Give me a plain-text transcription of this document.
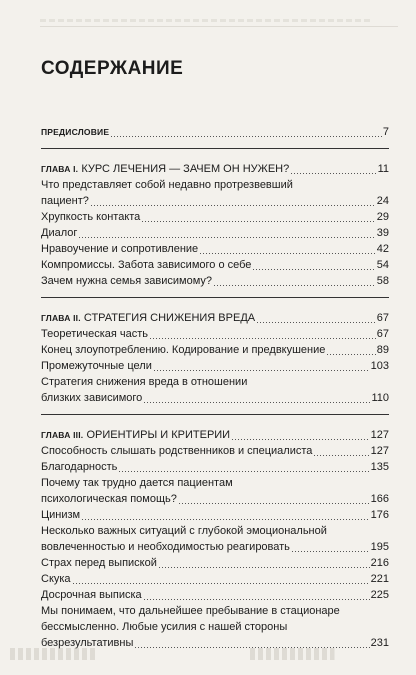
СОДЕРЖАНИЕ
ПРЕДИСЛОВИЕ	7
ГЛАВА I. КУРС ЛЕЧЕНИЯ — ЗАЧЕМ ОН НУЖЕН?	11
Что представляет собой недавно протрезвевший
пациент?	24
Хрупкость контакта	29
Диалог	39
Нравоучение и сопротивление	42
Компромиссы. Забота зависимого о себе	54
Зачем нужна семья зависимому?	58
ГЛАВА II. СТРАТЕГИЯ СНИЖЕНИЯ ВРЕДА	67
Теоретическая часть	67
Конец злоупотреблению. Кодирование и предвкушение	89
Промежуточные цели	103
Стратегия снижения вреда в отношении
близких зависимого	110
ГЛАВА III. ОРИЕНТИРЫ И КРИТЕРИИ	127
Способность слышать родственников и специалиста	127
Благодарность	135
Почему так трудно дается пациентам
психологическая помощь?	166
Цинизм	176
Несколько важных ситуаций с глубокой эмоциональной
вовлеченностью и необходимостью реагировать	195
Страх перед выпиской	216
Скука	221
Досрочная выписка	225
Мы понимаем, что дальнейшее пребывание в стационаре
бессмысленно. Любые усилия с нашей стороны
безрезультативны	231
